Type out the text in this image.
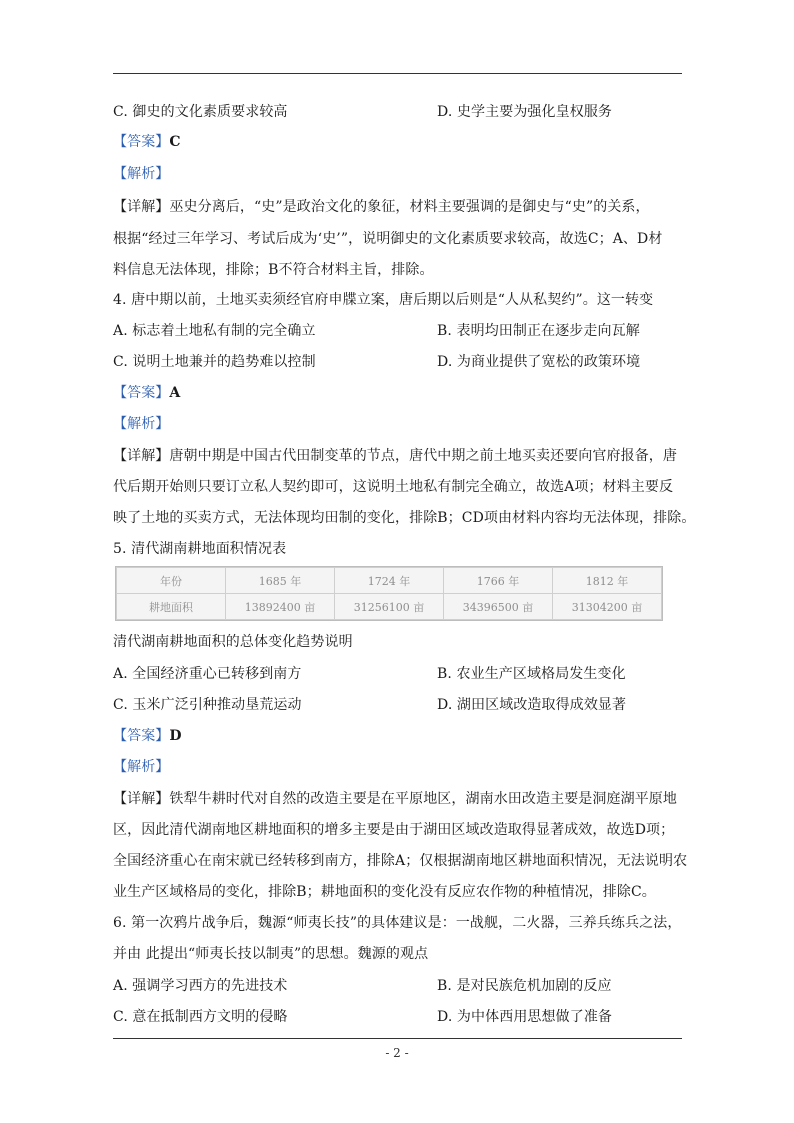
C. 御史的文化素质要求较高	D. 史学主要为强化皇权服务
【答案】C
【解析】
【详解】巫史分离后，“史”是政治文化的象征，材料主要强调的是御史与“史”的关系，
根据“经过三年学习、考试后成为‘史’”，说明御史的文化素质要求较高，故选C；A、D材
料信息无法体现，排除；B不符合材料主旨，排除。
4. 唐中期以前，土地买卖须经官府申牒立案，唐后期以后则是“人从私契约”。这一转变
A. 标志着土地私有制的完全确立	B. 表明均田制正在逐步走向瓦解
C. 说明土地兼并的趋势难以控制	D. 为商业提供了宽松的政策环境
【答案】A
【解析】
【详解】唐朝中期是中国古代田制变革的节点，唐代中期之前土地买卖还要向官府报备，唐
代后期开始则只要订立私人契约即可，这说明土地私有制完全确立，故选A项；材料主要反
映了土地的买卖方式，无法体现均田制的变化，排除B；CD项由材料内容均无法体现，排除。
5. 清代湖南耕地面积情况表
年份	1685 年	1724 年	1766 年	1812 年
耕地面积	13892400 亩	31256100 亩	34396500 亩	31304200 亩
清代湖南耕地面积的总体变化趋势说明
A. 全国经济重心已转移到南方	B. 农业生产区域格局发生变化
C. 玉米广泛引种推动垦荒运动	D. 湖田区域改造取得成效显著
【答案】D
【解析】
【详解】铁犁牛耕时代对自然的改造主要是在平原地区，湖南水田改造主要是洞庭湖平原地
区，因此清代湖南地区耕地面积的增多主要是由于湖田区域改造取得显著成效，故选D项；
全国经济重心在南宋就已经转移到南方，排除A；仅根据湖南地区耕地面积情况，无法说明农
业生产区域格局的变化，排除B；耕地面积的变化没有反应农作物的种植情况，排除C。
6. 第一次鸦片战争后，魏源“师夷长技”的具体建议是：一战舰，二火器，三养兵练兵之法，
并由 此提出“师夷长技以制夷”的思想。魏源的观点
A. 强调学习西方的先进技术	B. 是对民族危机加剧的反应
C. 意在抵制西方文明的侵略	D. 为中体西用思想做了准备
- 2 -
